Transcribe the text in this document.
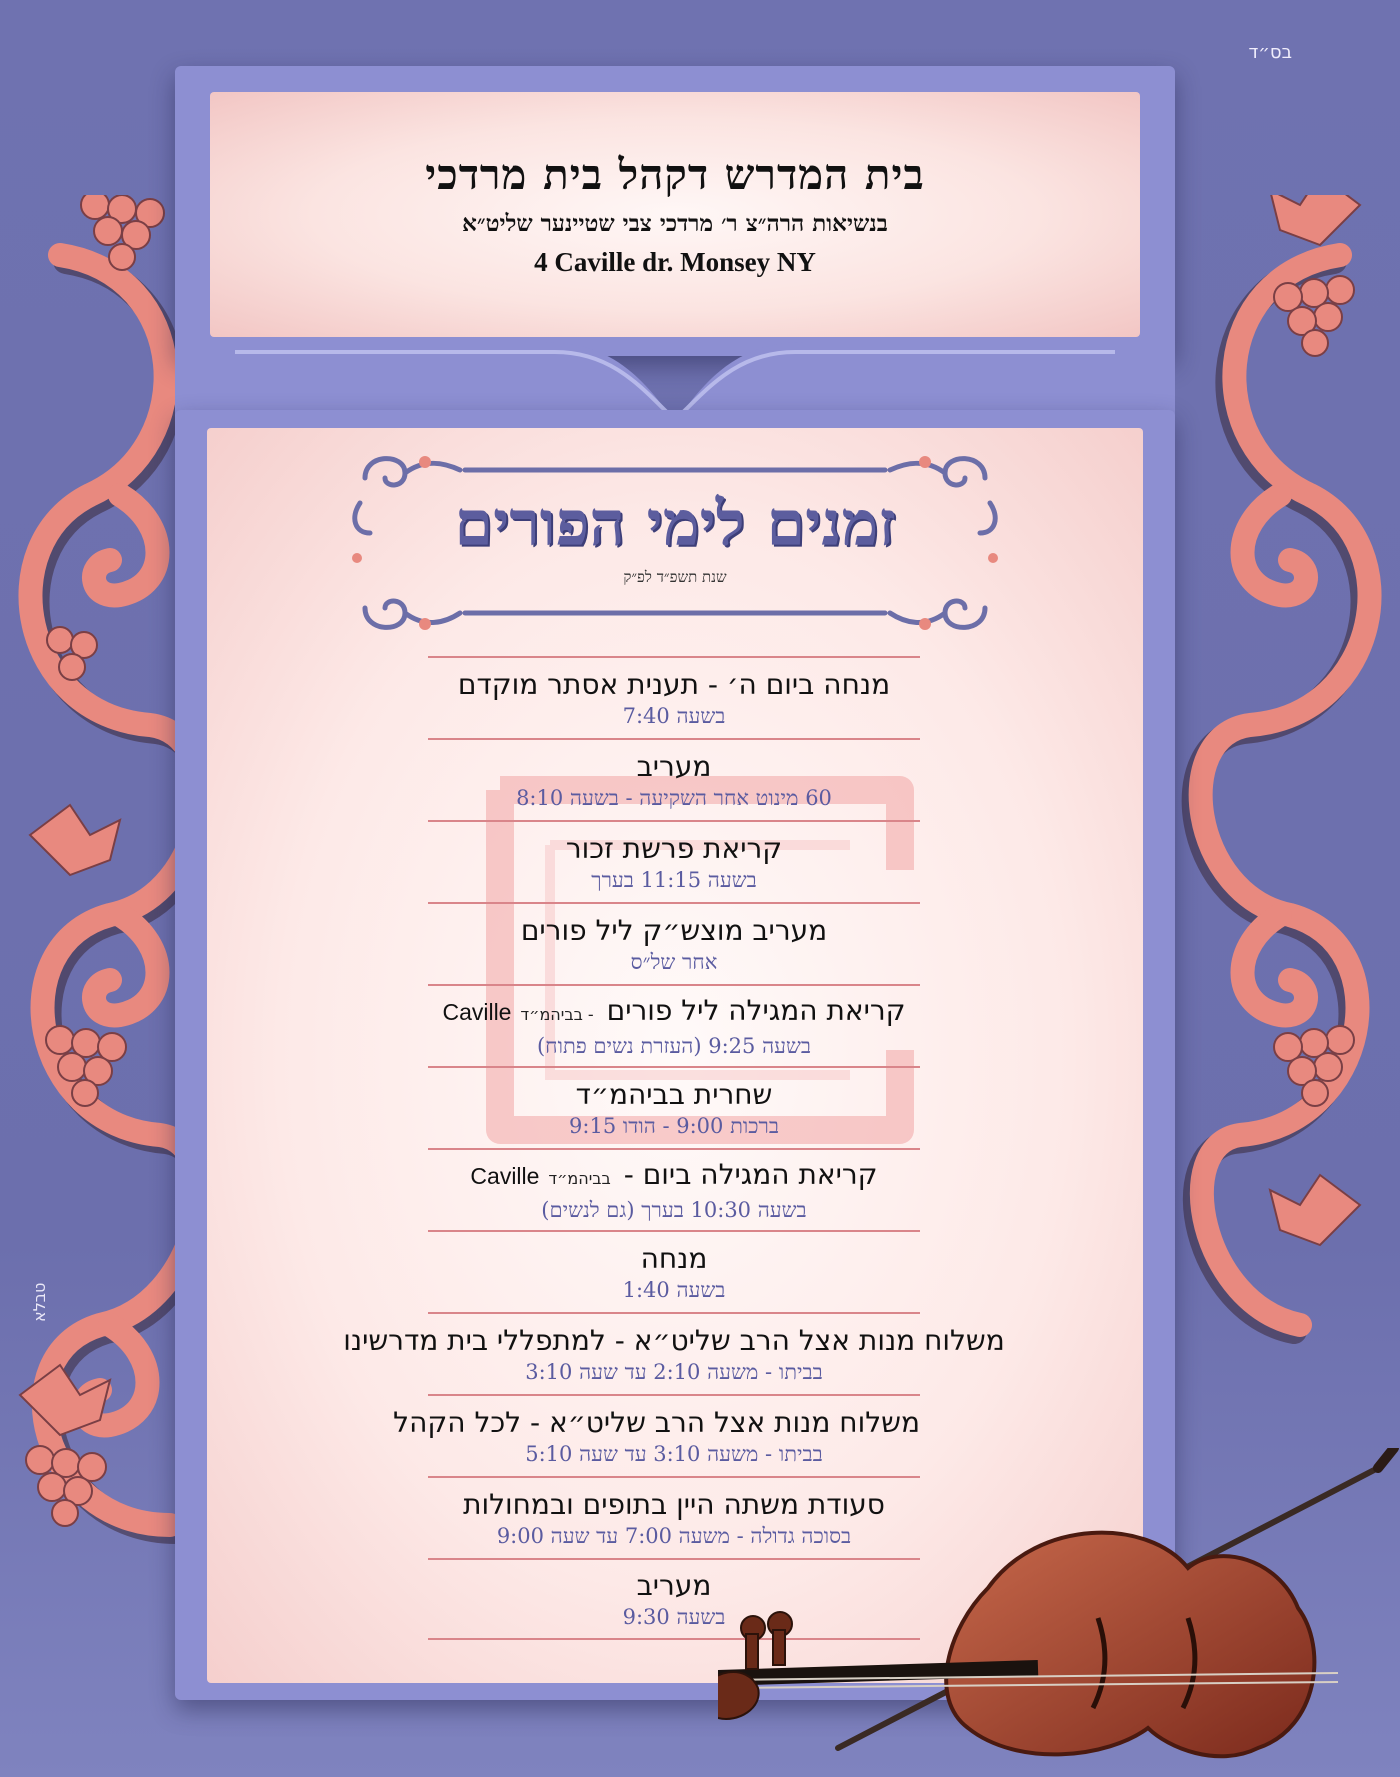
בס״ד
טבלא
בית המדרש דקהל בית מרדכי
בנשיאות הרה״צ ר׳ מרדכי צבי שטיינער שליט״א
4 Caville dr. Monsey NY
זמנים לימי הפורים
שנת תשפ״ד לפ״ק
מנחה ביום ה׳ - תענית אסתר מוקדם
בשעה 7:40
מעריב
60 מינוט אחר השקיעה - בשעה 8:10
קריאת פרשת זכור
בשעה 11:15 בערך
מעריב מוצש״ק ליל פורים
אחר של״ס
קריאת המגילה ליל פורים - בביהמ״ד Caville
בשעה 9:25 (העזרת נשים פתוח)
שחרית בביהמ״ד
ברכות 9:00 - הודו 9:15
קריאת המגילה ביום - בביהמ״ד Caville
בשעה 10:30 בערך (גם לנשים)
מנחה
בשעה 1:40
משלוח מנות אצל הרב שליט״א - למתפללי בית מדרשינו
בביתו - משעה 2:10 עד שעה 3:10
משלוח מנות אצל הרב שליט״א - לכל הקהל
בביתו - משעה 3:10 עד שעה 5:10
סעודת משתה היין בתופים ובמחולות
בסוכה גדולה - משעה 7:00 עד שעה 9:00
מעריב
בשעה 9:30
